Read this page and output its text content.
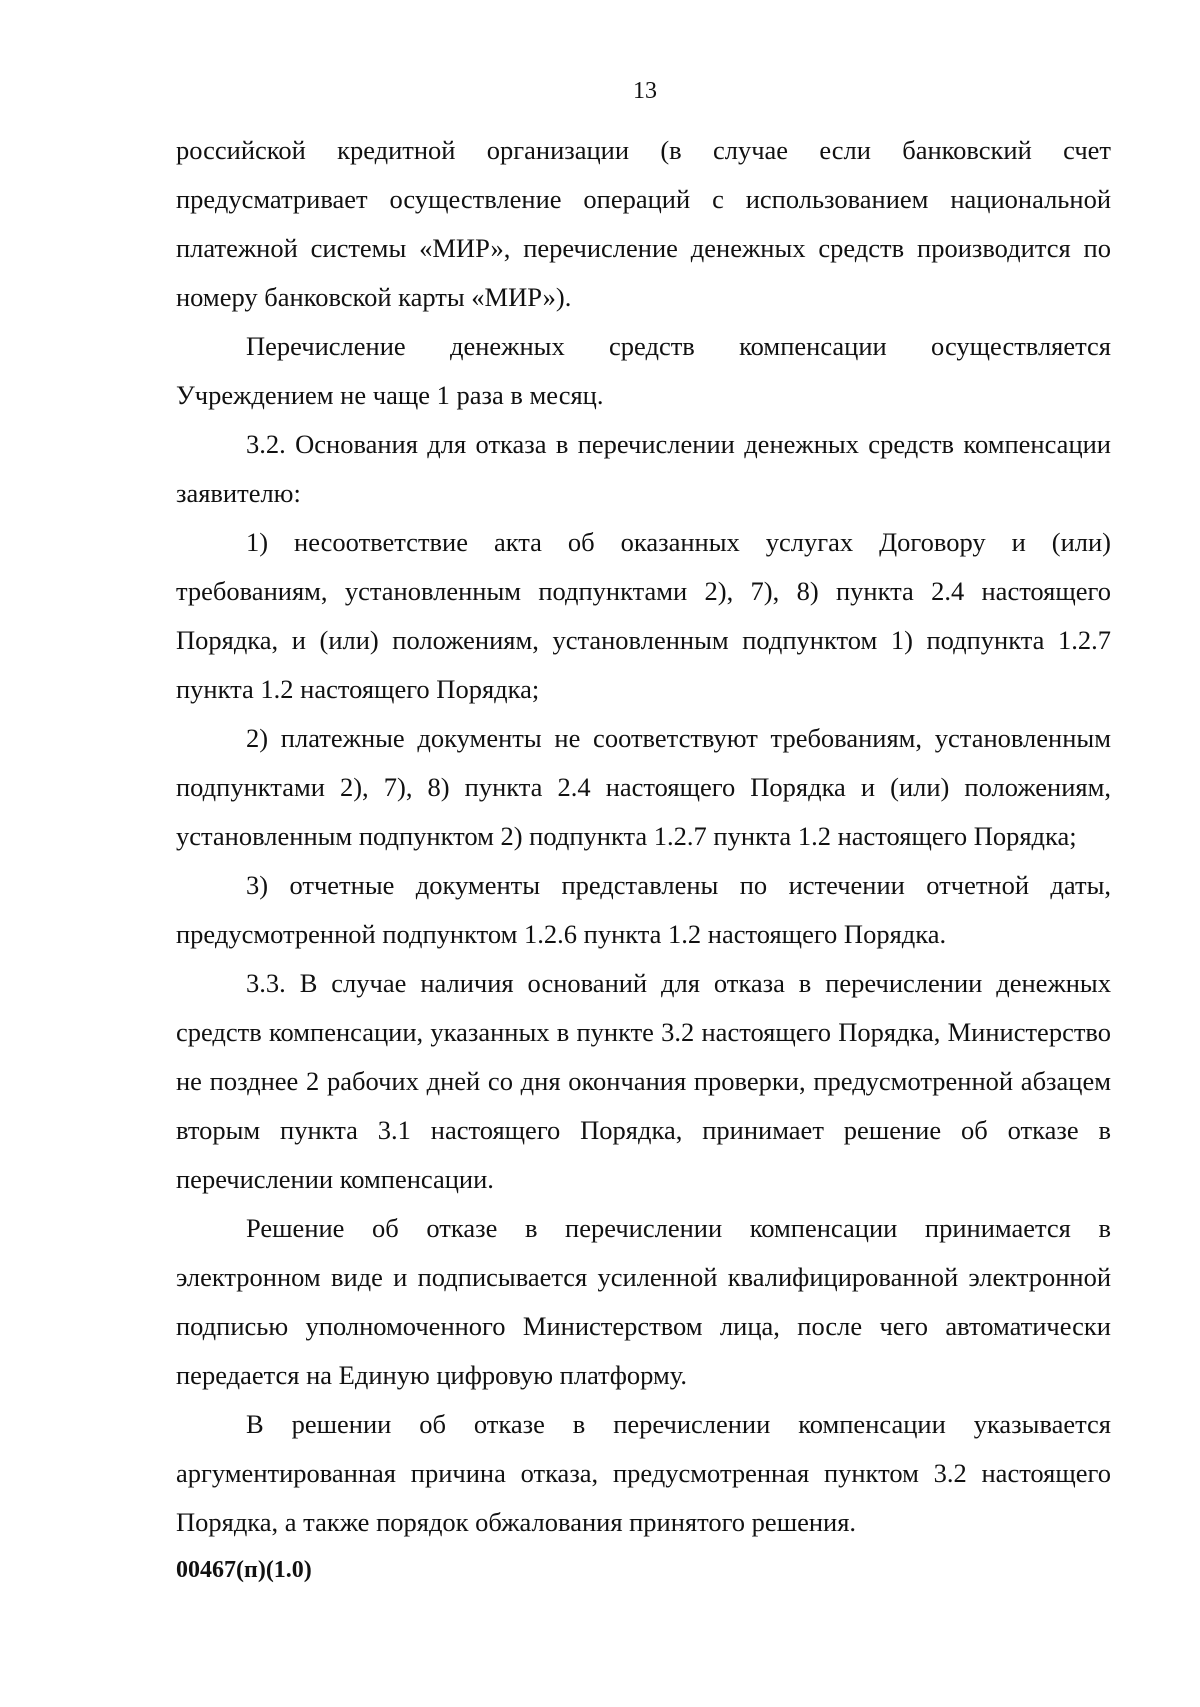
13

российской кредитной организации (в случае если банковский счет предусматривает осуществление операций с использованием национальной платежной системы «МИР», перечисление денежных средств производится по номеру банковской карты «МИР»).

Перечисление денежных средств компенсации осуществляется Учреждением не чаще 1 раза в месяц.

3.2. Основания для отказа в перечислении денежных средств компенсации заявителю:

1) несоответствие акта об оказанных услугах Договору и (или) требованиям, установленным подпунктами 2), 7), 8) пункта 2.4 настоящего Порядка, и (или) положениям, установленным подпунктом 1) подпункта 1.2.7 пункта 1.2 настоящего Порядка;

2) платежные документы не соответствуют требованиям, установленным подпунктами 2), 7), 8) пункта 2.4 настоящего Порядка и (или) положениям, установленным подпунктом 2) подпункта 1.2.7 пункта 1.2 настоящего Порядка;

3) отчетные документы представлены по истечении отчетной даты, предусмотренной подпунктом 1.2.6 пункта 1.2 настоящего Порядка.

3.3. В случае наличия оснований для отказа в перечислении денежных средств компенсации, указанных в пункте 3.2 настоящего Порядка, Министерство не позднее 2 рабочих дней со дня окончания проверки, предусмотренной абзацем вторым пункта 3.1 настоящего Порядка, принимает решение об отказе в перечислении компенсации.

Решение об отказе в перечислении компенсации принимается в электронном виде и подписывается усиленной квалифицированной электронной подписью уполномоченного Министерством лица, после чего автоматически передается на Единую цифровую платформу.

В решении об отказе в перечислении компенсации указывается аргументированная причина отказа, предусмотренная пунктом 3.2 настоящего Порядка, а также порядок обжалования принятого решения.

00467(п)(1.0)
